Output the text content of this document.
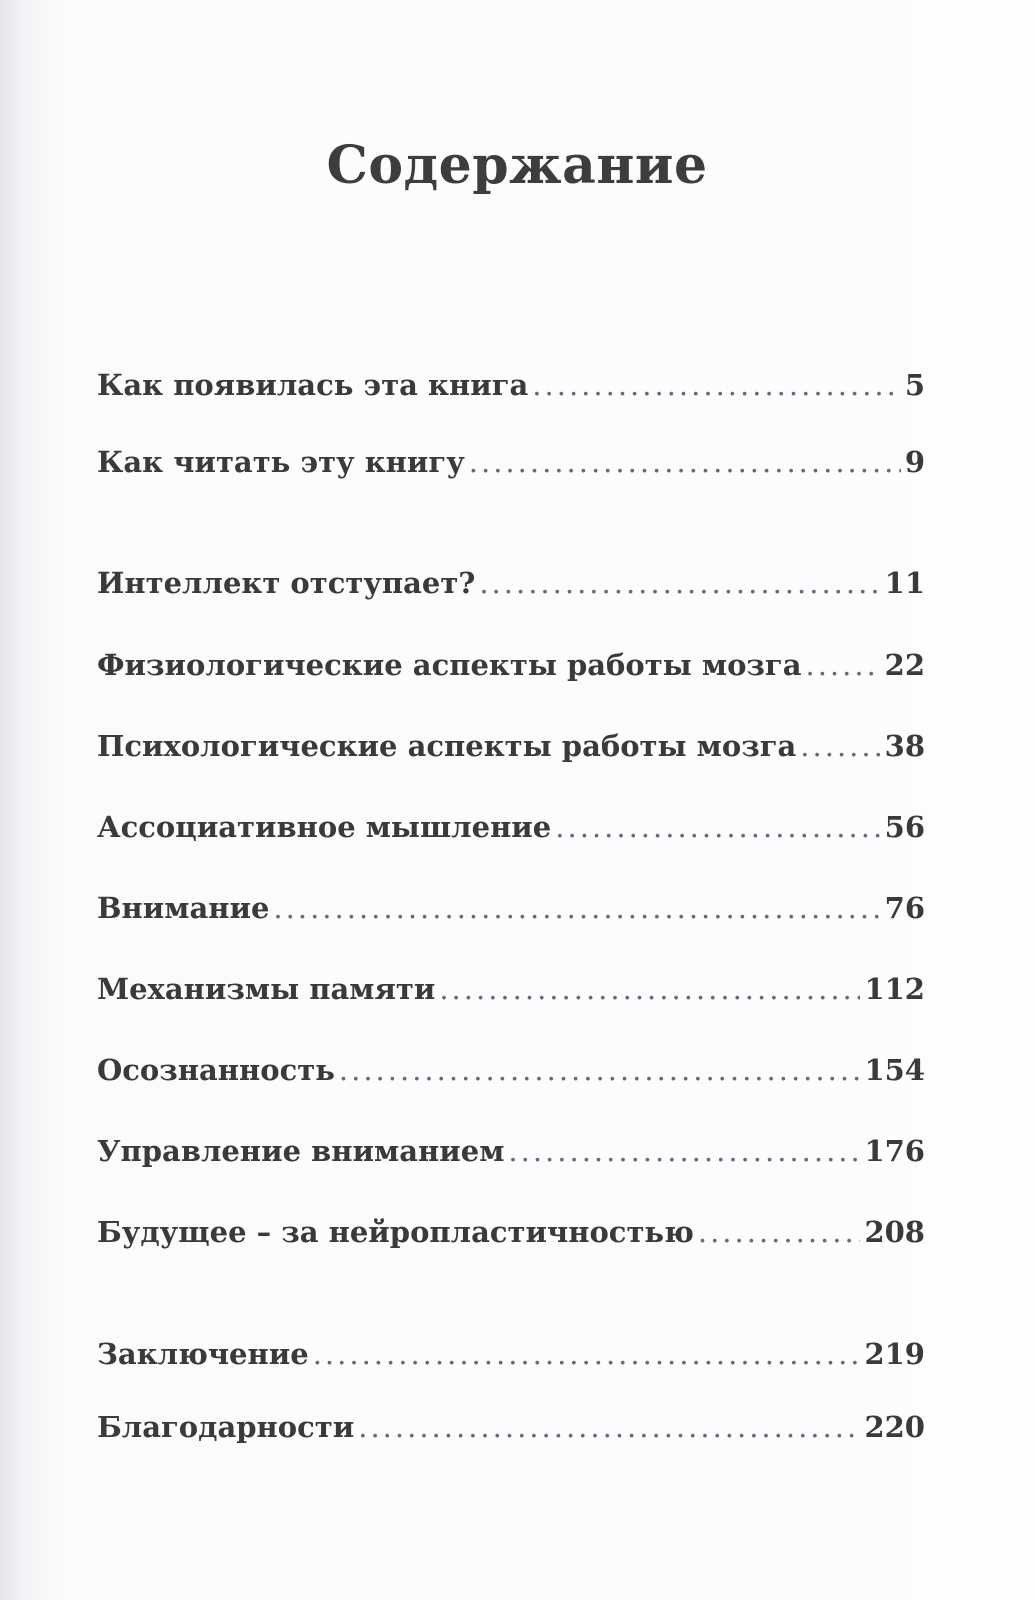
Содержание
Как появилась эта книга .....	5
Как читать эту книгу .....	9
Интеллект отступает? .....	11
Физиологические аспекты работы мозга .....	22
Психологические аспекты работы мозга .....	38
Ассоциативное мышление .....	56
Внимание .....	76
Механизмы памяти .....	112
Осознанность .....	154
Управление вниманием .....	176
Будущее – за нейропластичностью .....	208
Заключение .....	219
Благодарности .....	220
